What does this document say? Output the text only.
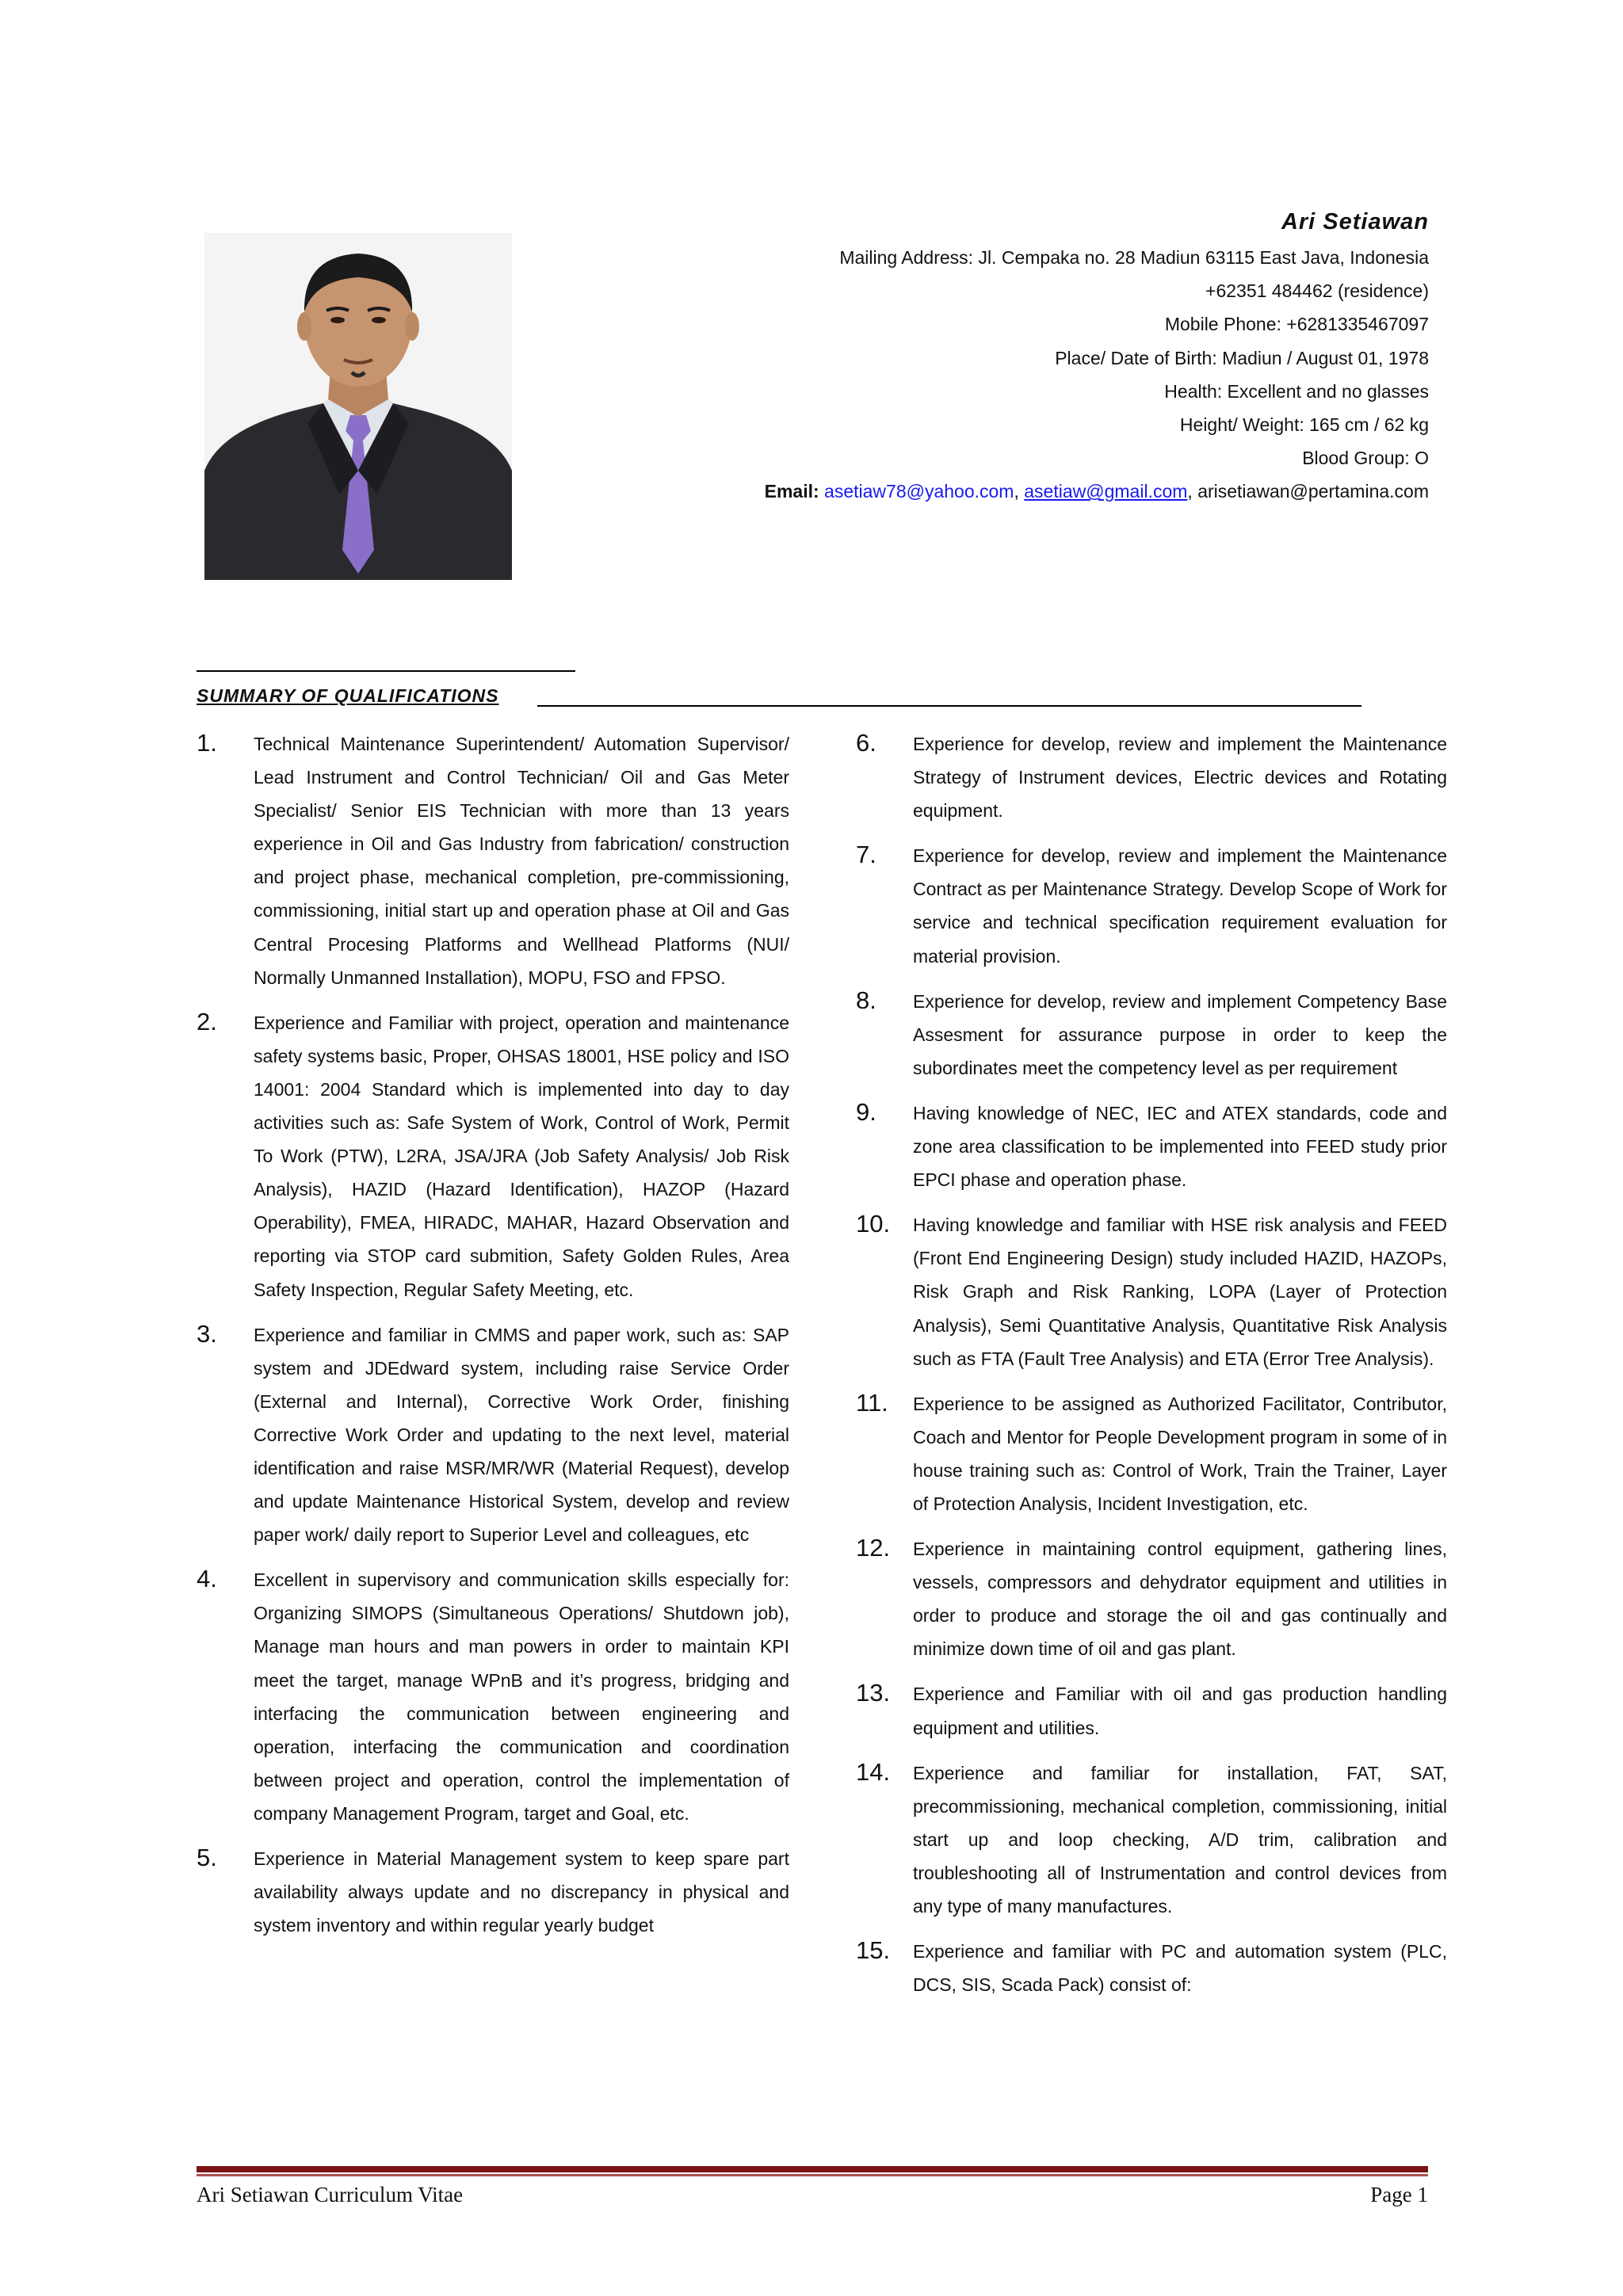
Ari Setiawan

Mailing Address: Jl. Cempaka no. 28 Madiun 63115 East Java, Indonesia

+62351 484462 (residence)

Mobile Phone: +6281335467097

Place/ Date of Birth: Madiun / August 01, 1978

Health: Excellent and no glasses

Height/ Weight: 165 cm / 62 kg

Blood Group: O

Email: asetiaw78@yahoo.com, asetiaw@gmail.com, arisetiawan@pertamina.com

SUMMARY OF QUALIFICATIONS
1. Technical Maintenance Superintendent/ Automation Supervisor/ Lead Instrument and Control Technician/ Oil and Gas Meter Specialist/ Senior EIS Technician with more than 13 years experience in Oil and Gas Industry from fabrication/ construction and project phase, mechanical completion, pre-commissioning, commissioning, initial start up and operation phase at Oil and Gas Central Procesing Platforms and Wellhead Platforms (NUI/ Normally Unmanned Installation), MOPU, FSO and FPSO.
2. Experience and Familiar with project, operation and maintenance safety systems basic, Proper, OHSAS 18001, HSE policy and ISO 14001: 2004 Standard which is implemented into day to day activities such as: Safe System of Work, Control of Work, Permit To Work (PTW), L2RA, JSA/JRA (Job Safety Analysis/ Job Risk Analysis), HAZID (Hazard Identification), HAZOP (Hazard Operability), FMEA, HIRADC, MAHAR, Hazard Observation and reporting via STOP card submition, Safety Golden Rules, Area Safety Inspection, Regular Safety Meeting, etc.
3. Experience and familiar in CMMS and paper work, such as: SAP system and JDEdward system, including raise Service Order (External and Internal), Corrective Work Order, finishing Corrective Work Order and updating to the next level, material identification and raise MSR/MR/WR (Material Request), develop and update Maintenance Historical System, develop and review paper work/ daily report to Superior Level and colleagues, etc
4. Excellent in supervisory and communication skills especially for: Organizing SIMOPS (Simultaneous Operations/ Shutdown job), Manage man hours and man powers in order to maintain KPI meet the target, manage WPnB and it’s progress, bridging and interfacing the communication between engineering and operation, interfacing the communication and coordination between project and operation, control the implementation of company Management Program, target and Goal, etc.
5. Experience in Material Management system to keep spare part availability always update and no discrepancy in physical and system inventory and within regular yearly budget
6. Experience for develop, review and implement the Maintenance Strategy of Instrument devices, Electric devices and Rotating equipment.
7. Experience for develop, review and implement the Maintenance Contract as per Maintenance Strategy. Develop Scope of Work for service and technical specification requirement evaluation for material provision.
8. Experience for develop, review and implement Competency Base Assesment for assurance purpose in order to keep the subordinates meet the competency level as per requirement
9. Having knowledge of NEC, IEC and ATEX standards, code and zone area classification to be implemented into FEED study prior EPCI phase and operation phase.
10. Having knowledge and familiar with HSE risk analysis and FEED (Front End Engineering Design) study included HAZID, HAZOPs, Risk Graph and Risk Ranking, LOPA (Layer of Protection Analysis), Semi Quantitative Analysis, Quantitative Risk Analysis such as FTA (Fault Tree Analysis) and ETA (Error Tree Analysis).
11. Experience to be assigned as Authorized Facilitator, Contributor, Coach and Mentor for People Development program in some of in house training such as: Control of Work, Train the Trainer, Layer of Protection Analysis, Incident Investigation, etc.
12. Experience in maintaining control equipment, gathering lines, vessels, compressors and dehydrator equipment and utilities in order to produce and storage the oil and gas continually and minimize down time of oil and gas plant.
13. Experience and Familiar with oil and gas production handling equipment and utilities.
14. Experience and familiar for installation, FAT, SAT, precommissioning, mechanical completion, commissioning, initial start up and loop checking, A/D trim, calibration and troubleshooting all of Instrumentation and control devices from any type of many manufactures.
15. Experience and familiar with PC and automation system (PLC, DCS, SIS, Scada Pack) consist of:
Ari Setiawan Curriculum Vitae	Page 1
